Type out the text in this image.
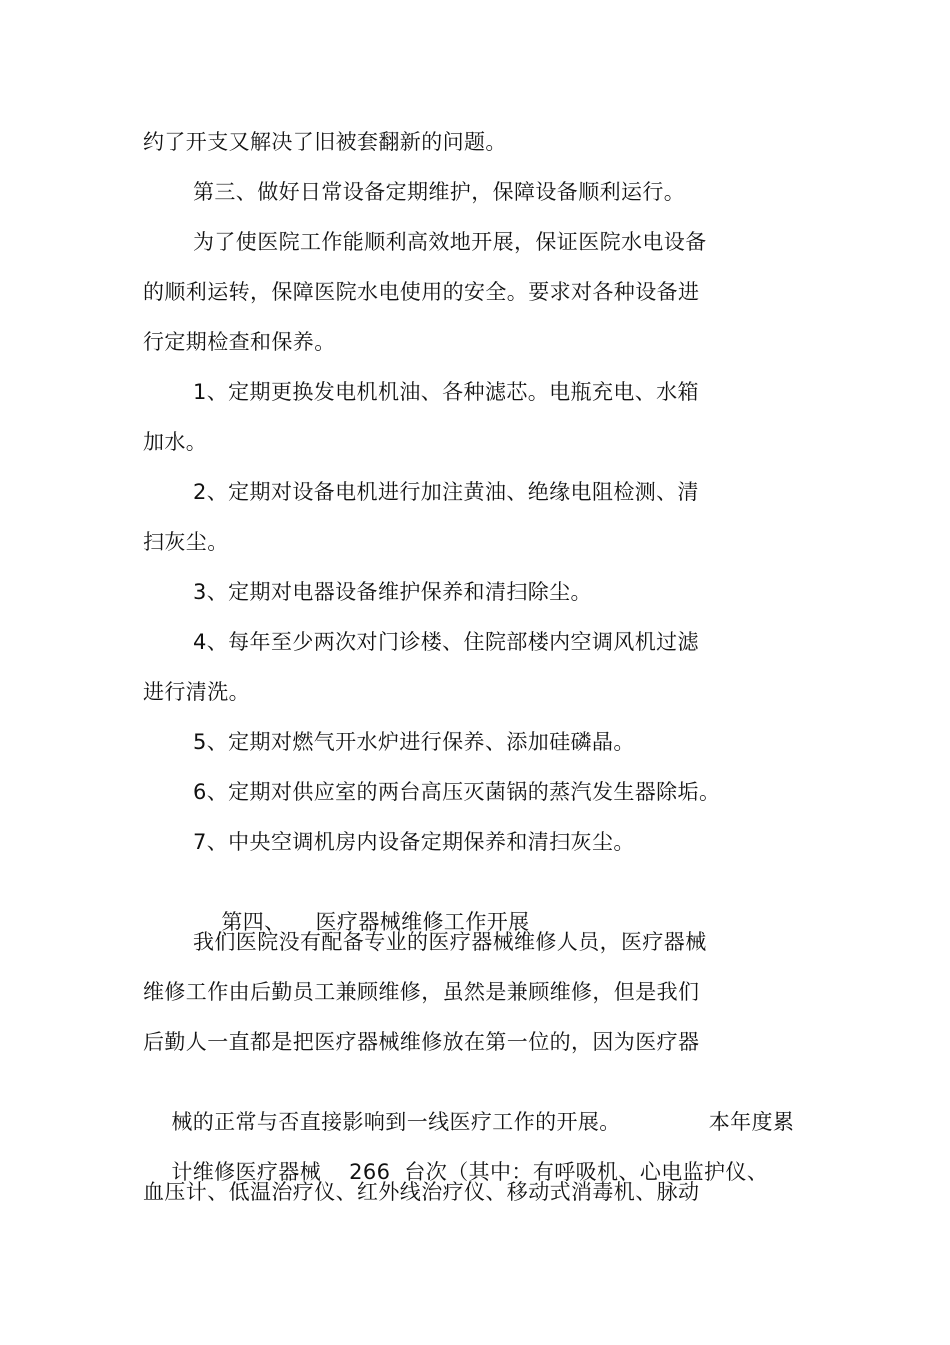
约了开支又解决了旧被套翻新的问题。
第三、做好日常设备定期维护，保障设备顺利运行。
为了使医院工作能顺利高效地开展，保证医院水电设备
的顺利运转，保障医院水电使用的安全。要求对各种设备进
行定期检查和保养。
1、定期更换发电机机油、各种滤芯。电瓶充电、水箱
加水。
2、定期对设备电机进行加注黄油、绝缘电阻检测、清
扫灰尘。
3、定期对电器设备维护保养和清扫除尘。
4、每年至少两次对门诊楼、住院部楼内空调风机过滤
进行清洗。
5、定期对燃气开水炉进行保养、添加硅磷晶。
6、定期对供应室的两台高压灭菌锅的蒸汽发生器除垢。
7、中央空调机房内设备定期保养和清扫灰尘。

第四、 医疗器械维修工作开展

我们医院没有配备专业的医疗器械维修人员，医疗器械
维修工作由后勤员工兼顾维修，虽然是兼顾维修，但是我们
后勤人一直都是把医疗器械维修放在第一位的，因为医疗器

械的正常与否直接影响到一线医疗工作的开展。	本年度累

计维修医疗器械 266 台次（其中：有呼吸机、心电监护仪、

血压计、低温治疗仪、红外线治疗仪、移动式消毒机、脉动
